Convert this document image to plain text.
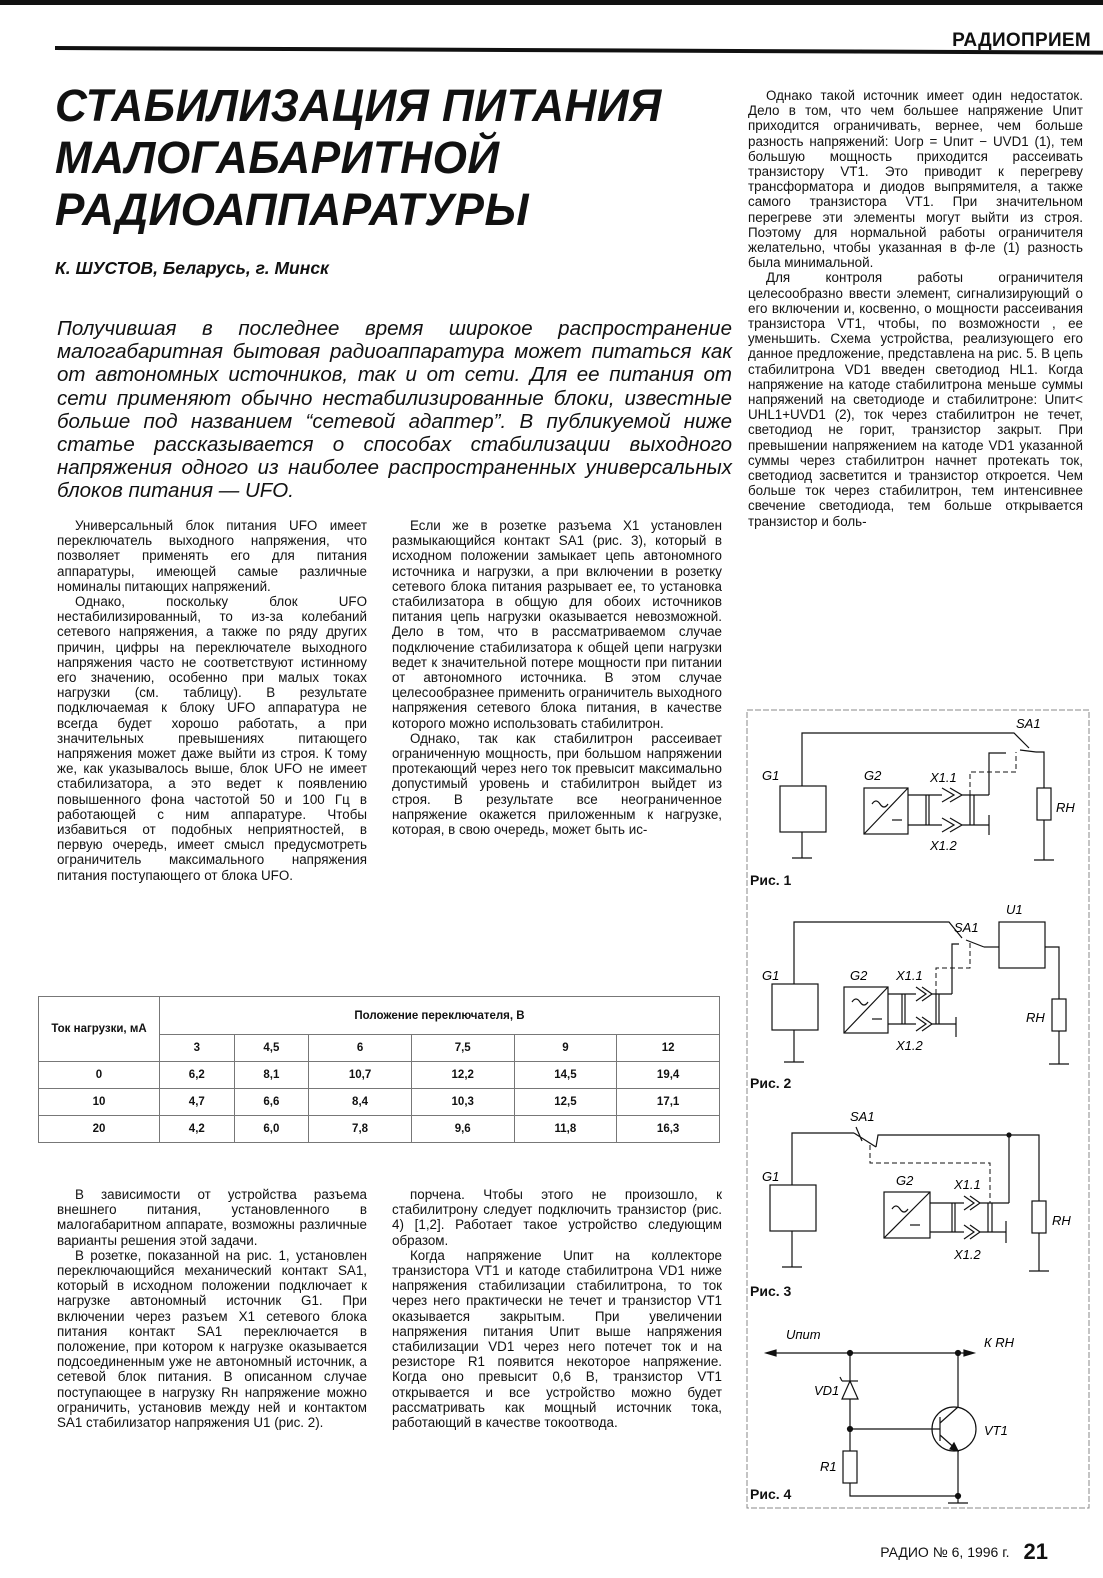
РАДИОПРИЕМ
СТАБИЛИЗАЦИЯ ПИТАНИЯ
МАЛОГАБАРИТНОЙ
РАДИОАППАРАТУРЫ
К. ШУСТОВ, Беларусь, г. Минск
Получившая в последнее время широкое распространение малогабаритная бытовая радиоаппаратура может питаться как от автономных источников, так и от сети. Для ее питания от сети применяют обычно нестабилизированные блоки, известные больше под названием “сетевой адаптер”. В публикуемой ниже статье рассказывается о способах стабилизации выходного напряжения одного из наиболее распространенных универсальных блоков питания — UFO.

Универсальный блок питания UFO имеет переключатель выходного напряжения, что позволяет применять его для питания аппаратуры, имеющей самые различные номиналы питающих напряжений.

Однако, поскольку блок UFO нестабилизированный, то из-за колебаний сетевого напряжения, а также по ряду других причин, цифры на переключателе выходного напряжения часто не соответствуют истинному его значению, особенно при малых токах нагрузки (см. таблицу). В результате подключаемая к блоку UFO аппаратура не всегда будет хорошо работать, а при значительных превышениях питающего напряжения может даже выйти из строя. К тому же, как указывалось выше, блок UFO не имеет стабилизатора, а это ведет к появлению повышенного фона частотой 50 и 100 Гц в работающей с ним аппаратуре. Чтобы избавиться от подобных неприятностей, в первую очередь, имеет смысл предусмотреть ограничитель максимального напряжения питания поступающего от блока UFO.

Если же в розетке разъема X1 установлен размыкающийся контакт SA1 (рис. 3), который в исходном положении замыкает цепь автономного источника и нагрузки, а при включении в розетку сетевого блока питания разрывает ее, то установка стабилизатора в общую для обоих источников питания цепь нагрузки оказывается невозможной. Дело в том, что в рассматриваемом случае подключение стабилизатора к общей цепи нагрузки ведет к значительной потере мощности при питании от автономного источника. В этом случае целесообразнее применить ограничитель выходного напряжения сетевого блока питания, в качестве которого можно использовать стабилитрон.

Однако, так как стабилитрон рассеивает ограниченную мощность, при большом напряжении протекающий через него ток превысит максимально допустимый уровень и стабилитрон выйдет из строя. В результате все неограниченное напряжение окажется приложенным к нагрузке, которая, в свою очередь, может быть ис-

Однако такой источник имеет один недостаток. Дело в том, что чем большее напряжение Uпит приходится ограничивать, вернее, чем больше разность напряжений: Uогр = Uпит − UVD1 (1), тем большую мощность приходится рассеивать транзистору VT1. Это приводит к перегреву трансформатора и диодов выпрямителя, а также самого транзистора VT1. При значительном перегреве эти элементы могут выйти из строя. Поэтому для нормальной работы ограничителя желательно, чтобы указанная в ф-ле (1) разность была минимальной.

Для контроля работы ограничителя целесообразно ввести элемент, сигнализирующий о его включении и, косвенно, о мощности рассеивания транзистора VT1, чтобы, по возможности , ее уменьшить. Схема устройства, реализующего его данное предложение, представлена на рис. 5. В цепь стабилитрона VD1 введен светодиод HL1. Когда напряжение на катоде стабилитрона меньше суммы напряжений на светодиоде и стабилитроне: Uпит< UHL1+UVD1 (2), ток через стабилитрон не течет, светодиод не горит, транзистор закрыт. При превышении напряжением на катоде VD1 указанной суммы через стабилитрон начнет протекать ток, светодиод засветится и транзистор откроется. Чем больше ток через стабилитрон, тем интенсивнее свечение светодиода, тем больше открывается транзистор и боль-

Ток нагрузки, мА	Положение переключателя, В					
	3	4,5	6	7,5	9	12
0	6,2	8,1	10,7	12,2	14,5	19,4
10	4,7	6,6	8,4	10,3	12,5	17,1
20	4,2	6,0	7,8	9,6	11,8	16,3

В зависимости от устройства разъема внешнего питания, установленного в малогабаритном аппарате, возможны различные варианты решения этой задачи.

В розетке, показанной на рис. 1, установлен переключающийся механический контакт SA1, который в исходном положении подключает к нагрузке автономный источник G1. При включении через разъем X1 сетевого блока питания контакт SA1 переключается в положение, при котором к нагрузке оказывается подсоединенным уже не автономный источник, а сетевой блок питания. В описанном случае поступающее в нагрузку Rн напряжение можно ограничить, установив между ней и контактом SA1 стабилизатор напряжения U1 (рис. 2).

порчена. Чтобы этого не произошло, к стабилитрону следует подключить транзистор (рис. 4) [1,2]. Работает такое устройство следующим образом.

Когда напряжение Uпит на коллекторе транзистора VT1 и катоде стабилитрона VD1 ниже напряжения стабилизации стабилитрона, то ток через него практически не течет и транзистор VT1 оказывается закрытым. При увеличении напряжения питания Uпит выше напряжения стабилизации VD1 через него потечет ток и на резисторе R1 появится некоторое напряжение. Когда оно превысит 0,6 В, транзистор VT1 открывается и все устройство можно будет рассматривать как мощный источник тока, работающий в качестве токоотвода.

G1	G2	X1.1
X1.2
SA1
RН
Рис. 1
G1	G2 X1.1
X1.2
SA1
U1
RН
Рис. 2
G1	G2	X1.1
X1.2
SA1
RН
Рис. 3
Uпит
К RН
VD1
VT1
R1
Рис. 4
РАДИО № 6, 1996 г. 21
